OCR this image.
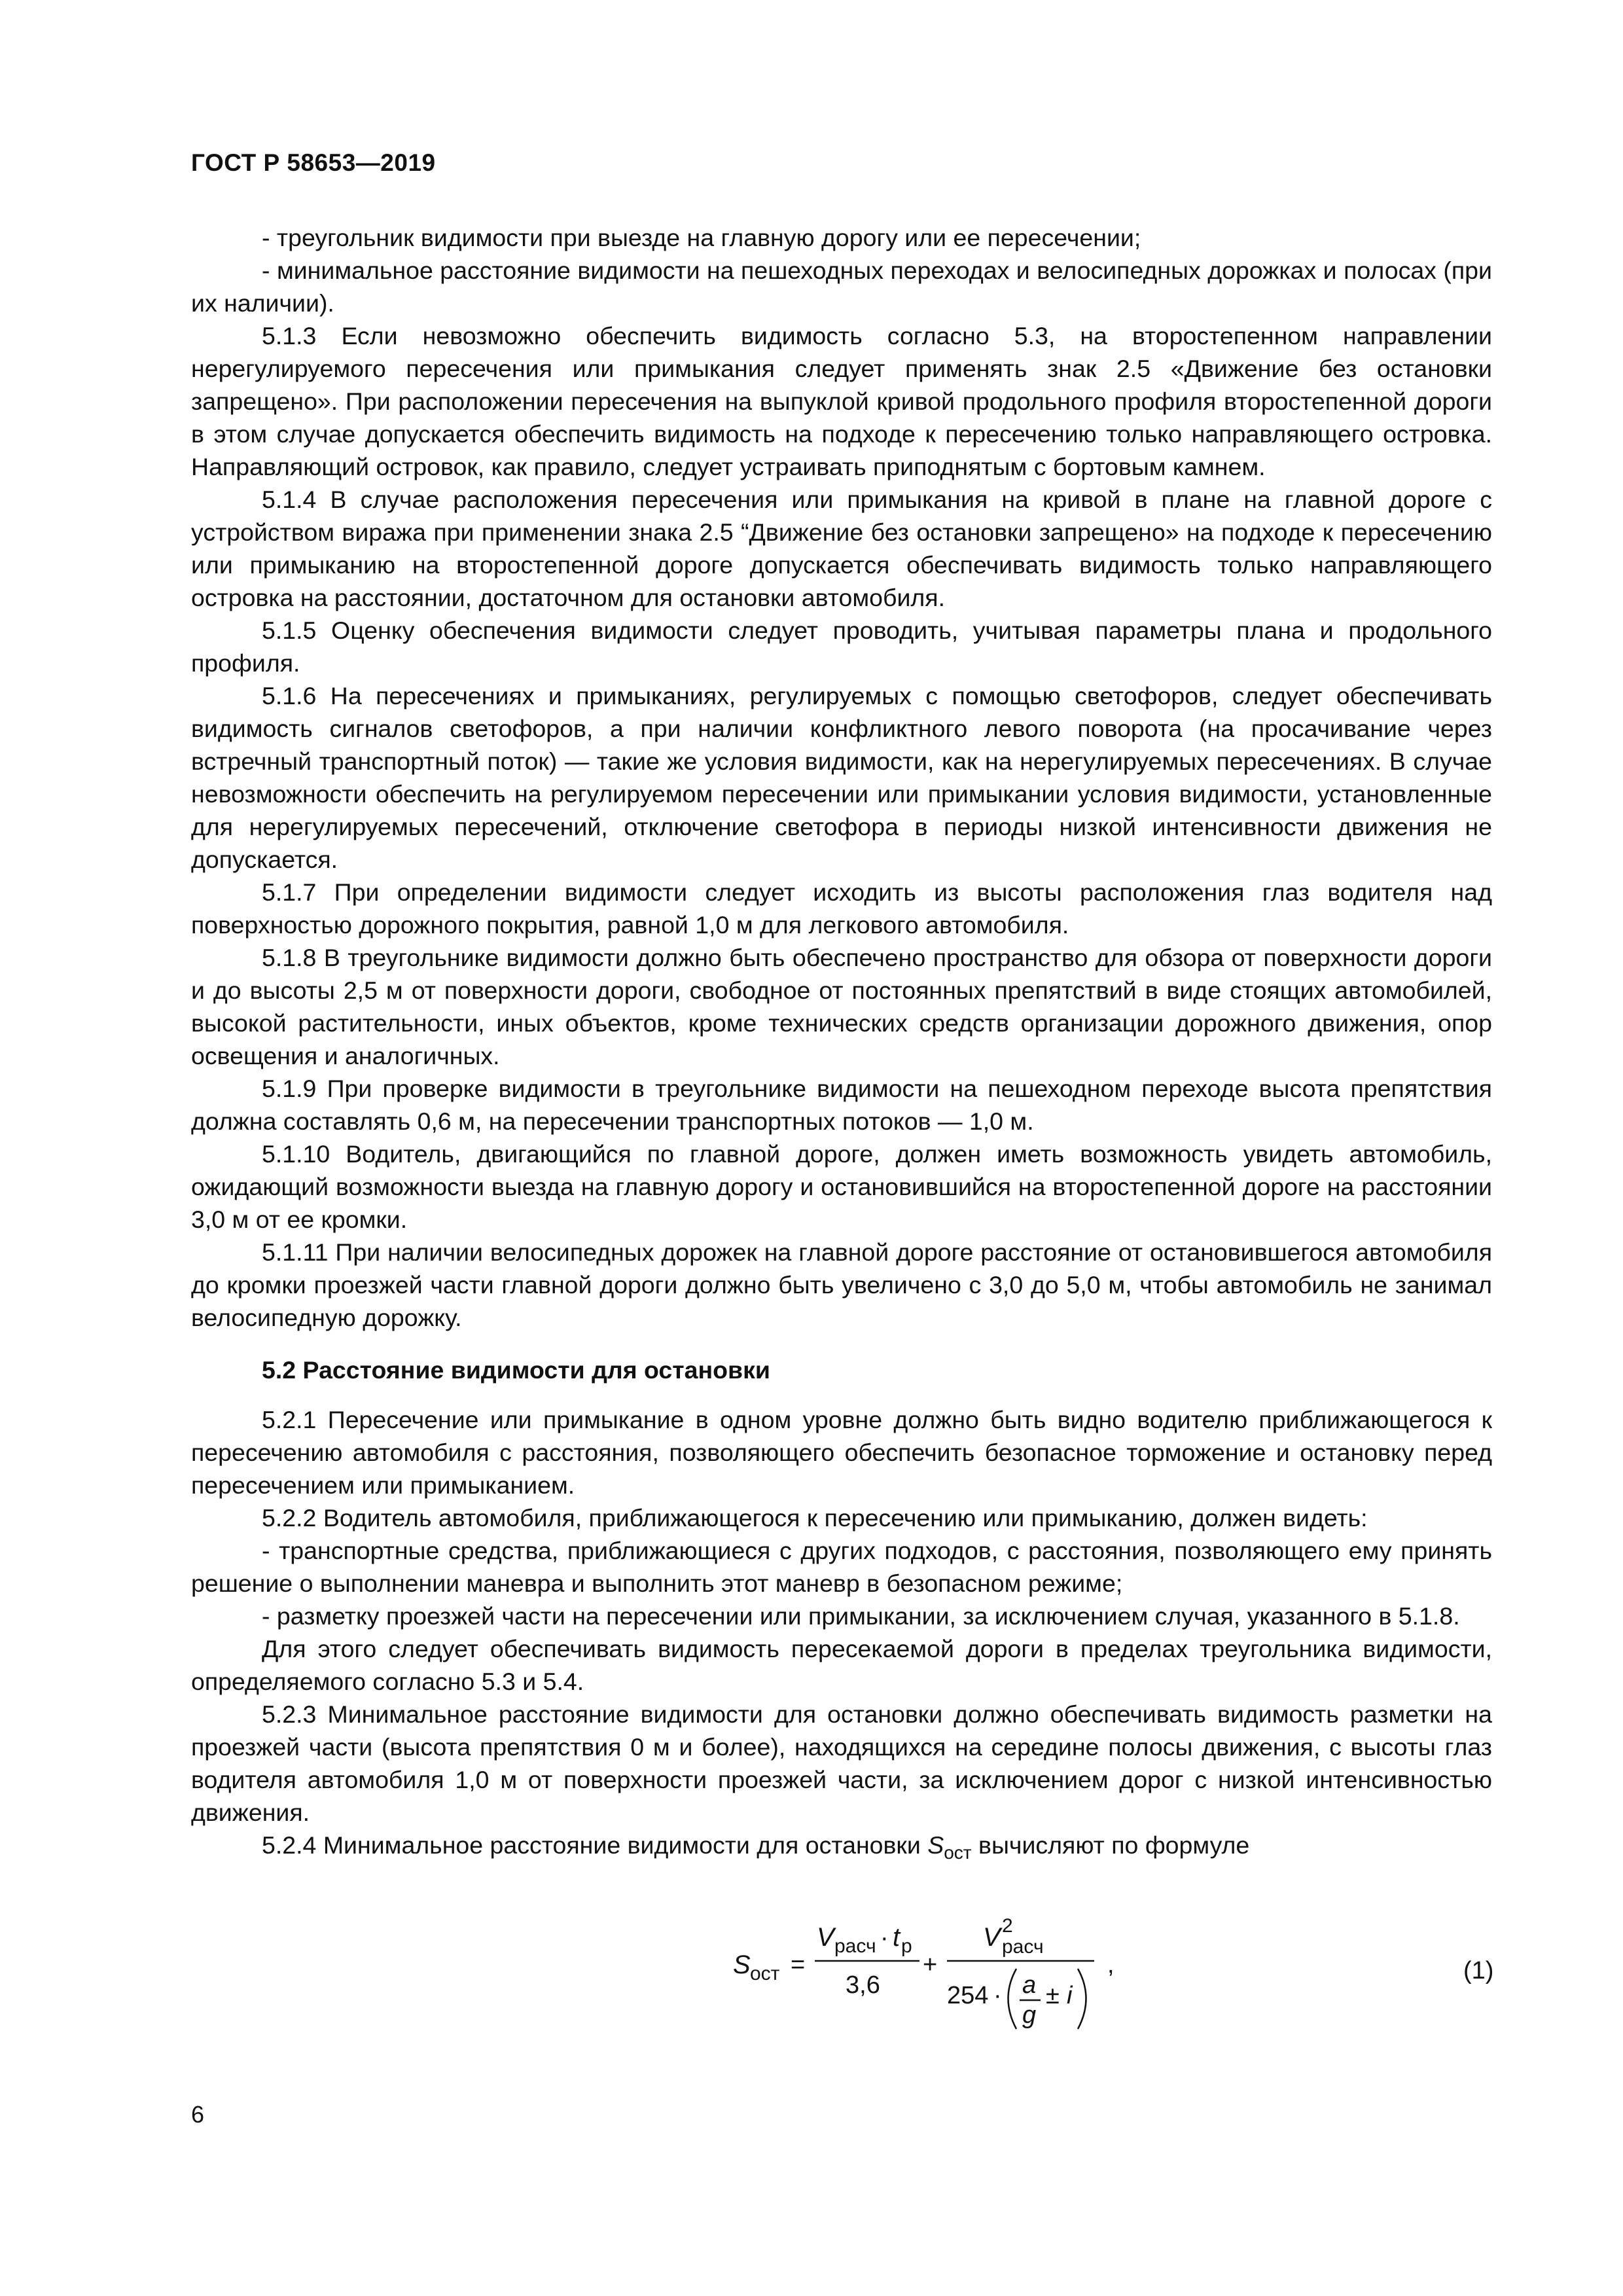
ГОСТ Р 58653—2019

- треугольник видимости при выезде на главную дорогу или ее пересечении;

- минимальное расстояние видимости на пешеходных переходах и велосипедных дорожках и полосах (при их наличии).

5.1.3 Если невозможно обеспечить видимость согласно 5.3, на второстепенном направлении нерегулируемого пересечения или примыкания следует применять знак 2.5 «Движение без остановки запрещено». При расположении пересечения на выпуклой кривой продольного профиля второстепенной дороги в этом случае допускается обеспечить видимость на подходе к пересечению только направляющего островка. Направляющий островок, как правило, следует устраивать приподнятым с бортовым камнем.

5.1.4 В случае расположения пересечения или примыкания на кривой в плане на главной дороге с устройством виража при применении знака 2.5 “Движение без остановки запрещено» на подходе к пересечению или примыканию на второстепенной дороге допускается обеспечивать видимость только направляющего островка на расстоянии, достаточном для остановки автомобиля.

5.1.5 Оценку обеспечения видимости следует проводить, учитывая параметры плана и продольного профиля.

5.1.6 На пересечениях и примыканиях, регулируемых с помощью светофоров, следует обеспечивать видимость сигналов светофоров, а при наличии конфликтного левого поворота (на просачивание через встречный транспортный поток) — такие же условия видимости, как на нерегулируемых пересечениях. В случае невозможности обеспечить на регулируемом пересечении или примыкании условия видимости, установленные для нерегулируемых пересечений, отключение светофора в периоды низкой интенсивности движения не допускается.

5.1.7 При определении видимости следует исходить из высоты расположения глаз водителя над поверхностью дорожного покрытия, равной 1,0 м для легкового автомобиля.

5.1.8 В треугольнике видимости должно быть обеспечено пространство для обзора от поверхности дороги и до высоты 2,5 м от поверхности дороги, свободное от постоянных препятствий в виде стоящих автомобилей, высокой растительности, иных объектов, кроме технических средств организации дорожного движения, опор освещения и аналогичных.

5.1.9 При проверке видимости в треугольнике видимости на пешеходном переходе высота препятствия должна составлять 0,6 м, на пересечении транспортных потоков — 1,0 м.

5.1.10 Водитель, двигающийся по главной дороге, должен иметь возможность увидеть автомобиль, ожидающий возможности выезда на главную дорогу и остановившийся на второстепенной дороге на расстоянии 3,0 м от ее кромки.

5.1.11 При наличии велосипедных дорожек на главной дороге расстояние от остановившегося автомобиля до кромки проезжей части главной дороги должно быть увеличено с 3,0 до 5,0 м, чтобы автомобиль не занимал велосипедную дорожку.

5.2 Расстояние видимости для остановки

5.2.1 Пересечение или примыкание в одном уровне должно быть видно водителю приближающегося к пересечению автомобиля с расстояния, позволяющего обеспечить безопасное торможение и остановку перед пересечением или примыканием.

5.2.2 Водитель автомобиля, приближающегося к пересечению или примыканию, должен видеть:

- транспортные средства, приближающиеся с других подходов, с расстояния, позволяющего ему принять решение о выполнении маневра и выполнить этот маневр в безопасном режиме;

- разметку проезжей части на пересечении или примыкании, за исключением случая, указанного в 5.1.8.

Для этого следует обеспечивать видимость пересекаемой дороги в пределах треугольника видимости, определяемого согласно 5.3 и 5.4.

5.2.3 Минимальное расстояние видимости для остановки должно обеспечивать видимость разметки на проезжей части (высота препятствия 0 м и более), находящихся на середине полосы движения, с высоты глаз водителя автомобиля 1,0 м от поверхности проезжей части, за исключением дорог с низкой интенсивностью движения.

5.2.4 Минимальное расстояние видимости для остановки $S_{ост}$ вычисляют по формуле

S ост =
V расч · t р
3,6
+
V 2
расч
254 · a
g
± i
,	(1)
6
